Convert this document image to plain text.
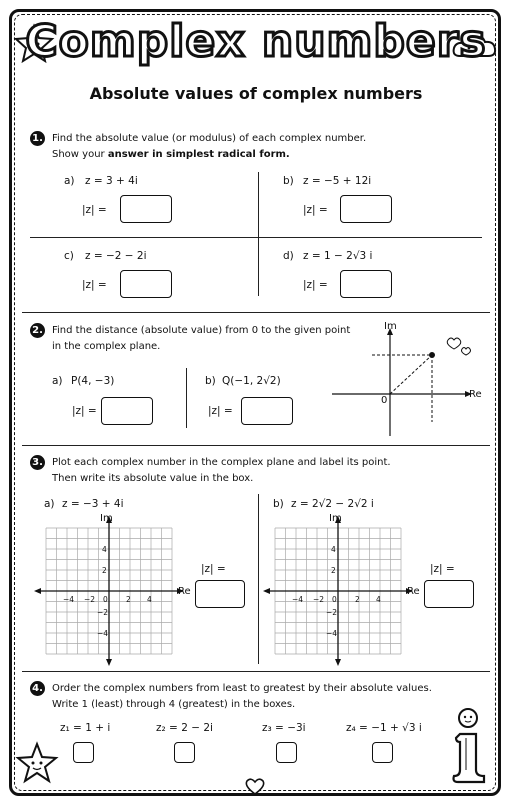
Complex numbers
Absolute values of complex numbers
1. Find the absolute value (or modulus) of each complex number.
Show your answer in simplest radical form.
a) z = 3 + 4i
|z| =
b) z = −5 + 12i
|z| =
c) z = −2 − 2i
|z| =
d) z = 1 − 2√3 i
|z| =
2. Find the distance (absolute value) from 0 to the given point
in the complex plane.
a) P(4, −3)
|z| =
b) Q(−1, 2√2)
|z| =
Im
Re
0
3. Plot each complex number in the complex plane and label its point.
Then write its absolute value in the box.
a) z = −3 + 4i
|z| =
b) z = 2√2 − 2√2 i
|z| =
−4 −2 0 2 4
4
2
−2
−4
Im
Re
−4 −2 0 2 4
4
2
−2
−4
Im
Re
4. Order the complex numbers from least to greatest by their absolute values.
Write 1 (least) through 4 (greatest) in the boxes.
z₁ = 1 + i	z₂ = 2 − 2i	z₃ = −3i	z₄ = −1 + √3 i
